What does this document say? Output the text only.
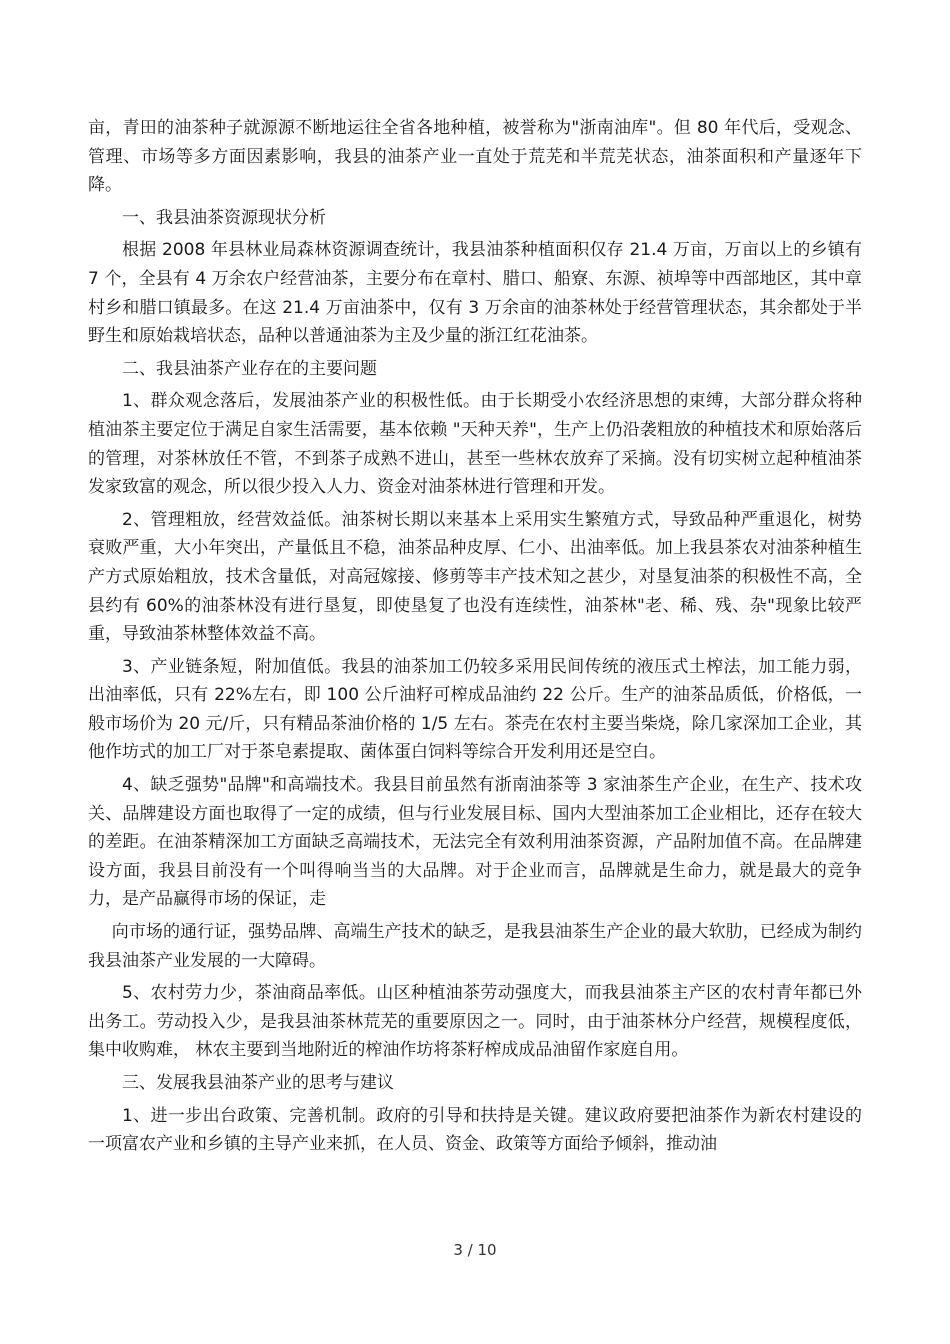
亩，青田的油茶种子就源源不断地运往全省各地种植，被誉称为"浙南油库"。但 80 年代后，受观念、管理、市场等多方面因素影响，我县的油茶产业一直处于荒芜和半荒芜状态，油茶面积和产量逐年下降。

一、我县油茶资源现状分析

根据 2008 年县林业局森林资源调查统计，我县油茶种植面积仅存 21.4 万亩，万亩以上的乡镇有 7 个，全县有 4 万余农户经营油茶，主要分布在章村、腊口、船寮、东源、祯埠等中西部地区，其中章村乡和腊口镇最多。在这 21.4 万亩油茶中，仅有 3 万余亩的油茶林处于经营管理状态，其余都处于半野生和原始栽培状态，品种以普通油茶为主及少量的浙江红花油茶。

二、我县油茶产业存在的主要问题

1、群众观念落后，发展油茶产业的积极性低。由于长期受小农经济思想的束缚，大部分群众将种植油茶主要定位于满足自家生活需要，基本依赖 "天种天养"，生产上仍沿袭粗放的种植技术和原始落后的管理，对茶林放任不管，不到茶子成熟不进山，甚至一些林农放弃了采摘。没有切实树立起种植油茶发家致富的观念，所以很少投入人力、资金对油茶林进行管理和开发。

2、管理粗放，经营效益低。油茶树长期以来基本上采用实生繁殖方式，导致品种严重退化，树势衰败严重，大小年突出，产量低且不稳，油茶品种皮厚、仁小、出油率低。加上我县茶农对油茶种植生产方式原始粗放，技术含量低，对高冠嫁接、修剪等丰产技术知之甚少，对垦复油茶的积极性不高，全县约有 60%的油茶林没有进行垦复，即使垦复了也没有连续性，油茶林"老、稀、残、杂"现象比较严重，导致油茶林整体效益不高。

3、产业链条短，附加值低。我县的油茶加工仍较多采用民间传统的液压式土榨法，加工能力弱，出油率低，只有 22%左右，即 100 公斤油籽可榨成品油约 22 公斤。生产的油茶品质低，价格低，一般市场价为 20 元/斤，只有精品茶油价格的 1/5 左右。茶壳在农村主要当柴烧，除几家深加工企业，其他作坊式的加工厂对于茶皂素提取、菌体蛋白饲料等综合开发利用还是空白。

4、缺乏强势"品牌"和高端技术。我县目前虽然有浙南油茶等 3 家油茶生产企业，在生产、技术攻关、品牌建设方面也取得了一定的成绩，但与行业发展目标、国内大型油茶加工企业相比，还存在较大的差距。在油茶精深加工方面缺乏高端技术，无法完全有效利用油茶资源，产品附加值不高。在品牌建设方面，我县目前没有一个叫得响当当的大品牌。对于企业而言，品牌就是生命力，就是最大的竞争力，是产品赢得市场的保证，走

向市场的通行证，强势品牌、高端生产技术的缺乏，是我县油茶生产企业的最大软肋，已经成为制约我县油茶产业发展的一大障碍。

5、农村劳力少，茶油商品率低。山区种植油茶劳动强度大，而我县油茶主产区的农村青年都已外出务工。劳动投入少，是我县油茶林荒芜的重要原因之一。同时，由于油茶林分户经营，规模程度低，集中收购难， 林农主要到当地附近的榨油作坊将茶籽榨成成品油留作家庭自用。

三、发展我县油茶产业的思考与建议

1、进一步出台政策、完善机制。政府的引导和扶持是关键。建议政府要把油茶作为新农村建设的一项富农产业和乡镇的主导产业来抓，在人员、资金、政策等方面给予倾斜，推动油

3 / 10
